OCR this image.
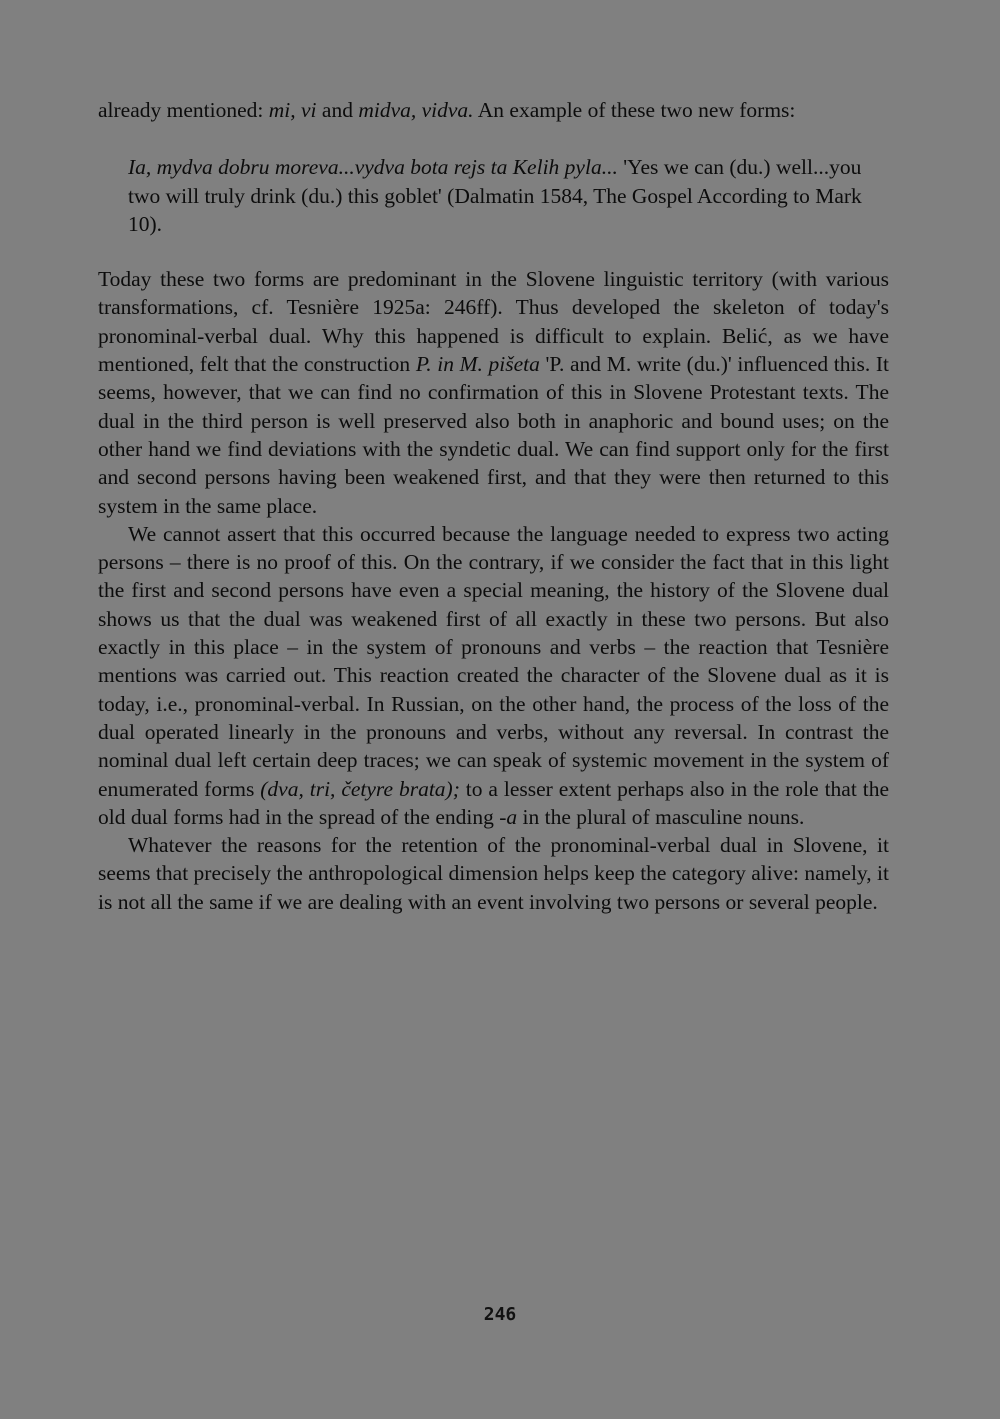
already mentioned: mi, vi and midva, vidva. An example of these two new forms:

Ia, mydva dobru moreva...vydva bota rejs ta Kelih pyla... 'Yes we can (du.) well...you two will truly drink (du.) this goblet' (Dalmatin 1584, The Gospel According to Mark 10).

Today these two forms are predominant in the Slovene linguistic territory (with various transformations, cf. Tesnière 1925a: 246ff). Thus developed the skeleton of today's pronominal-verbal dual. Why this happened is difficult to explain. Belić, as we have mentioned, felt that the construction P. in M. pišeta 'P. and M. write (du.)' influenced this. It seems, however, that we can find no confirmation of this in Slovene Protestant texts. The dual in the third person is well preserved also both in anaphoric and bound uses; on the other hand we find deviations with the syndetic dual. We can find support only for the first and second persons having been weakened first, and that they were then returned to this system in the same place.

We cannot assert that this occurred because the language needed to express two acting persons – there is no proof of this. On the contrary, if we consider the fact that in this light the first and second persons have even a special meaning, the history of the Slovene dual shows us that the dual was weakened first of all exactly in these two persons. But also exactly in this place – in the system of pronouns and verbs – the reaction that Tesnière mentions was carried out. This reaction created the character of the Slovene dual as it is today, i.e., pronominal-verbal. In Russian, on the other hand, the process of the loss of the dual operated linearly in the pronouns and verbs, without any reversal. In contrast the nominal dual left certain deep traces; we can speak of systemic movement in the system of enumerated forms (dva, tri, četyre brata); to a lesser extent perhaps also in the role that the old dual forms had in the spread of the ending -a in the plural of masculine nouns.

Whatever the reasons for the retention of the pronominal-verbal dual in Slovene, it seems that precisely the anthropological dimension helps keep the category alive: namely, it is not all the same if we are dealing with an event involving two persons or several people.

246
